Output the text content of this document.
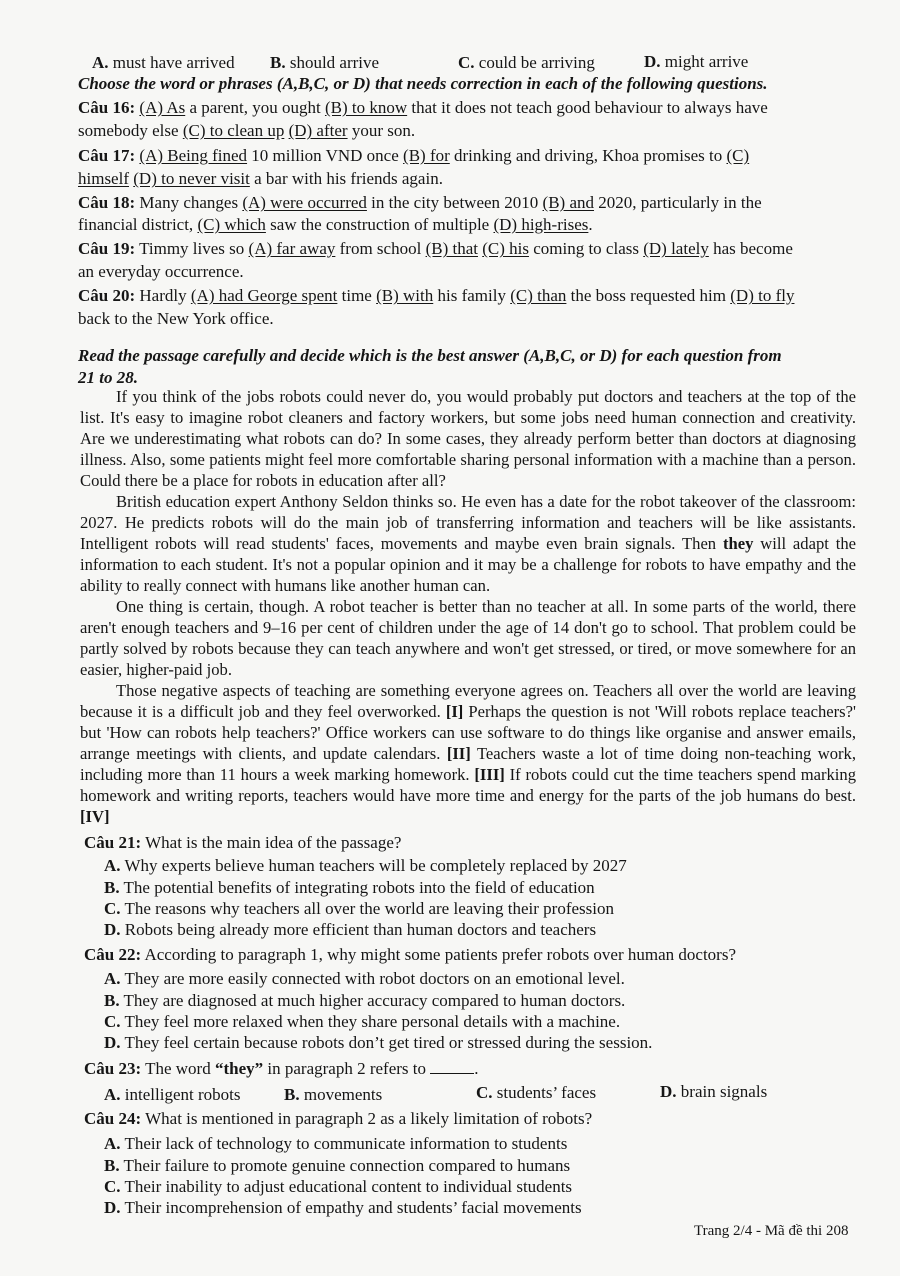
A. must have arrived B. should arrive	C. could be arriving	D. might arrive
Choose the word or phrases (A,B,C, or D) that needs correction in each of the following questions.
Câu 16: (A) As a parent, you ought (B) to know that it does not teach good behaviour to always have
somebody else (C) to clean up (D) after your son.
Câu 17: (A) Being fined 10 million VND once (B) for drinking and driving, Khoa promises to (C)
himself (D) to never visit a bar with his friends again.
Câu 18: Many changes (A) were occurred in the city between 2010 (B) and 2020, particularly in the
financial district, (C) which saw the construction of multiple (D) high-rises.
Câu 19: Timmy lives so (A) far away from school (B) that (C) his coming to class (D) lately has become
an everyday occurrence.
Câu 20: Hardly (A) had George spent time (B) with his family (C) than the boss requested him (D) to fly
back to the New York office.
Read the passage carefully and decide which is the best answer (A,B,C, or D) for each question from
21 to 28.
If you think of the jobs robots could never do, you would probably put doctors and teachers at the top of the list. It's easy to imagine robot cleaners and factory workers, but some jobs need human connection and creativity. Are we underestimating what robots can do? In some cases, they already perform better than doctors at diagnosing illness. Also, some patients might feel more comfortable sharing personal information with a machine than a person. Could there be a place for robots in education after all?
British education expert Anthony Seldon thinks so. He even has a date for the robot takeover of the classroom: 2027. He predicts robots will do the main job of transferring information and teachers will be like assistants. Intelligent robots will read students' faces, movements and maybe even brain signals. Then they will adapt the information to each student. It's not a popular opinion and it may be a challenge for robots to have empathy and the ability to really connect with humans like another human can.
One thing is certain, though. A robot teacher is better than no teacher at all. In some parts of the world, there aren't enough teachers and 9–16 per cent of children under the age of 14 don't go to school. That problem could be partly solved by robots because they can teach anywhere and won't get stressed, or tired, or move somewhere for an easier, higher-paid job.
Those negative aspects of teaching are something everyone agrees on. Teachers all over the world are leaving because it is a difficult job and they feel overworked. [I] Perhaps the question is not 'Will robots replace teachers?' but 'How can robots help teachers?' Office workers can use software to do things like organise and answer emails, arrange meetings with clients, and update calendars. [II] Teachers waste a lot of time doing non-teaching work, including more than 11 hours a week marking homework. [III] If robots could cut the time teachers spend marking homework and writing reports, teachers would have more time and energy for the parts of the job humans do best. [IV]
Câu 21: What is the main idea of the passage?
A. Why experts believe human teachers will be completely replaced by 2027
B. The potential benefits of integrating robots into the field of education
C. The reasons why teachers all over the world are leaving their profession
D. Robots being already more efficient than human doctors and teachers
Câu 22: According to paragraph 1, why might some patients prefer robots over human doctors?
A. They are more easily connected with robot doctors on an emotional level.
B. They are diagnosed at much higher accuracy compared to human doctors.
C. They feel more relaxed when they share personal details with a machine.
D. They feel certain because robots don’t get tired or stressed during the session.
Câu 23: The word “they” in paragraph 2 refers to	.
A. intelligent robots	B. movements	C. students’ faces	D. brain signals
Câu 24: What is mentioned in paragraph 2 as a likely limitation of robots?
A. Their lack of technology to communicate information to students
B. Their failure to promote genuine connection compared to humans
C. Their inability to adjust educational content to individual students
D. Their incomprehension of empathy and students’ facial movements
Trang 2/4 - Mã đề thi 208
